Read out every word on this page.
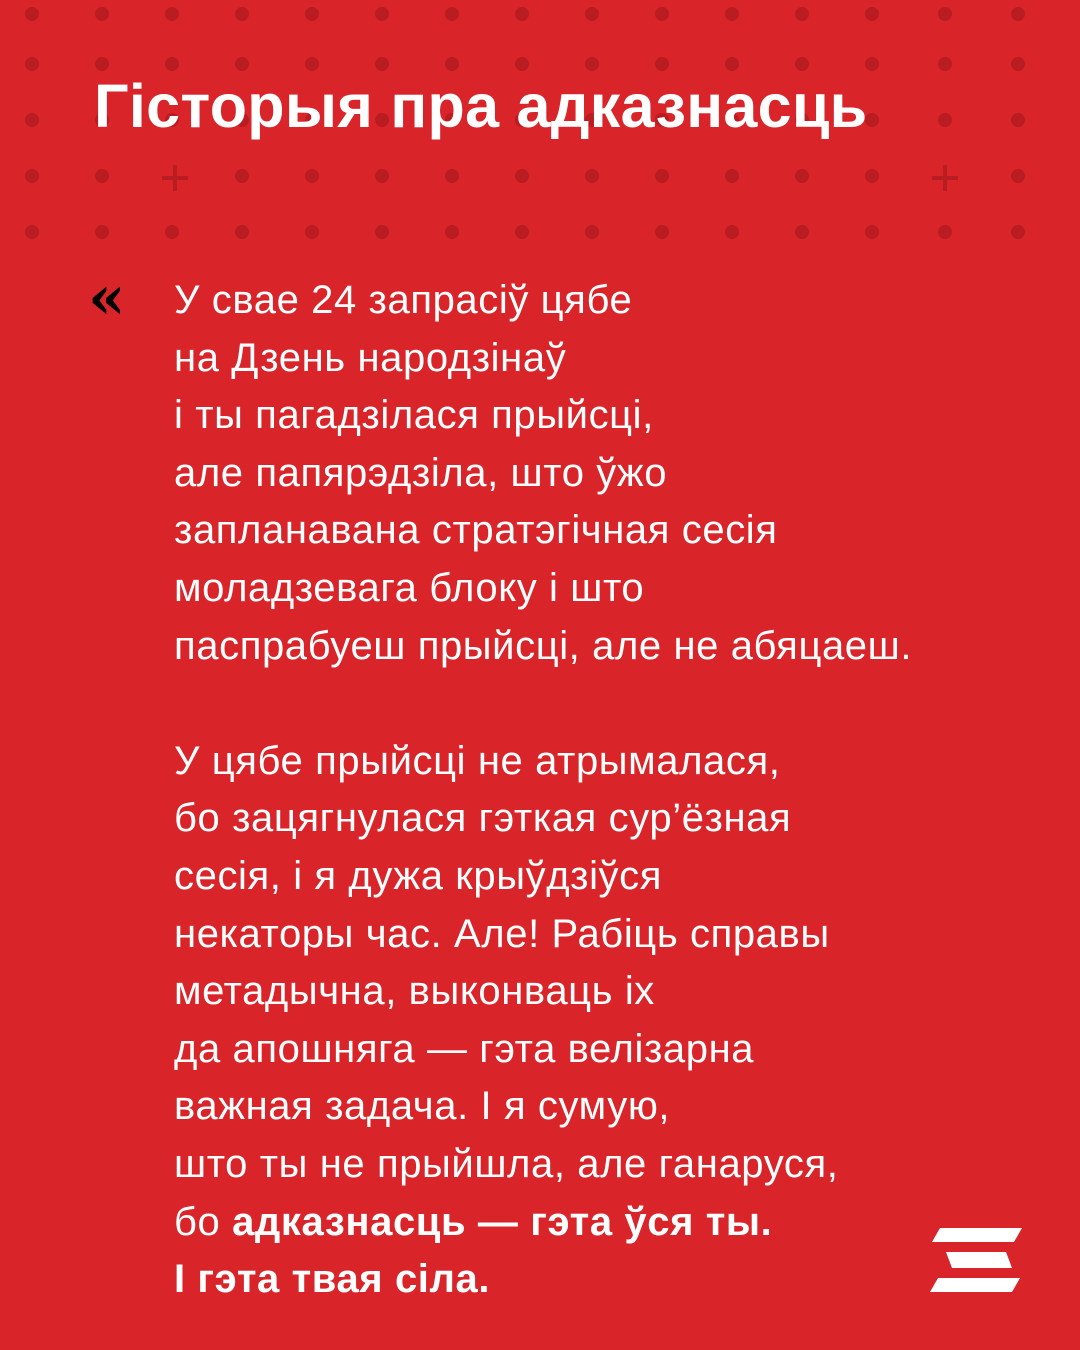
Гісторыя пра адказнасць
« У свае 24 запрасіў цябе
на Дзень народзінаў
і ты пагадзілася прыйсці,
але папярэдзіла, што ўжо
запланавана стратэгічная сесія
моладзевага блоку і што
паспрабуеш прыйсці, але не абяцаеш.
У цябе прыйсці не атрымалася,
бо зацягнулася гэткая сур’ёзная
сесія, і я дужа крыўдзіўся
некаторы час. Але! Рабіць справы
метадычна, выконваць іх
да апошняга — гэта велізарна
важная задача. І я сумую,
што ты не прыйшла, але ганаруся,
бо адказнасць — гэта ўся ты.
І гэта твая сіла.
